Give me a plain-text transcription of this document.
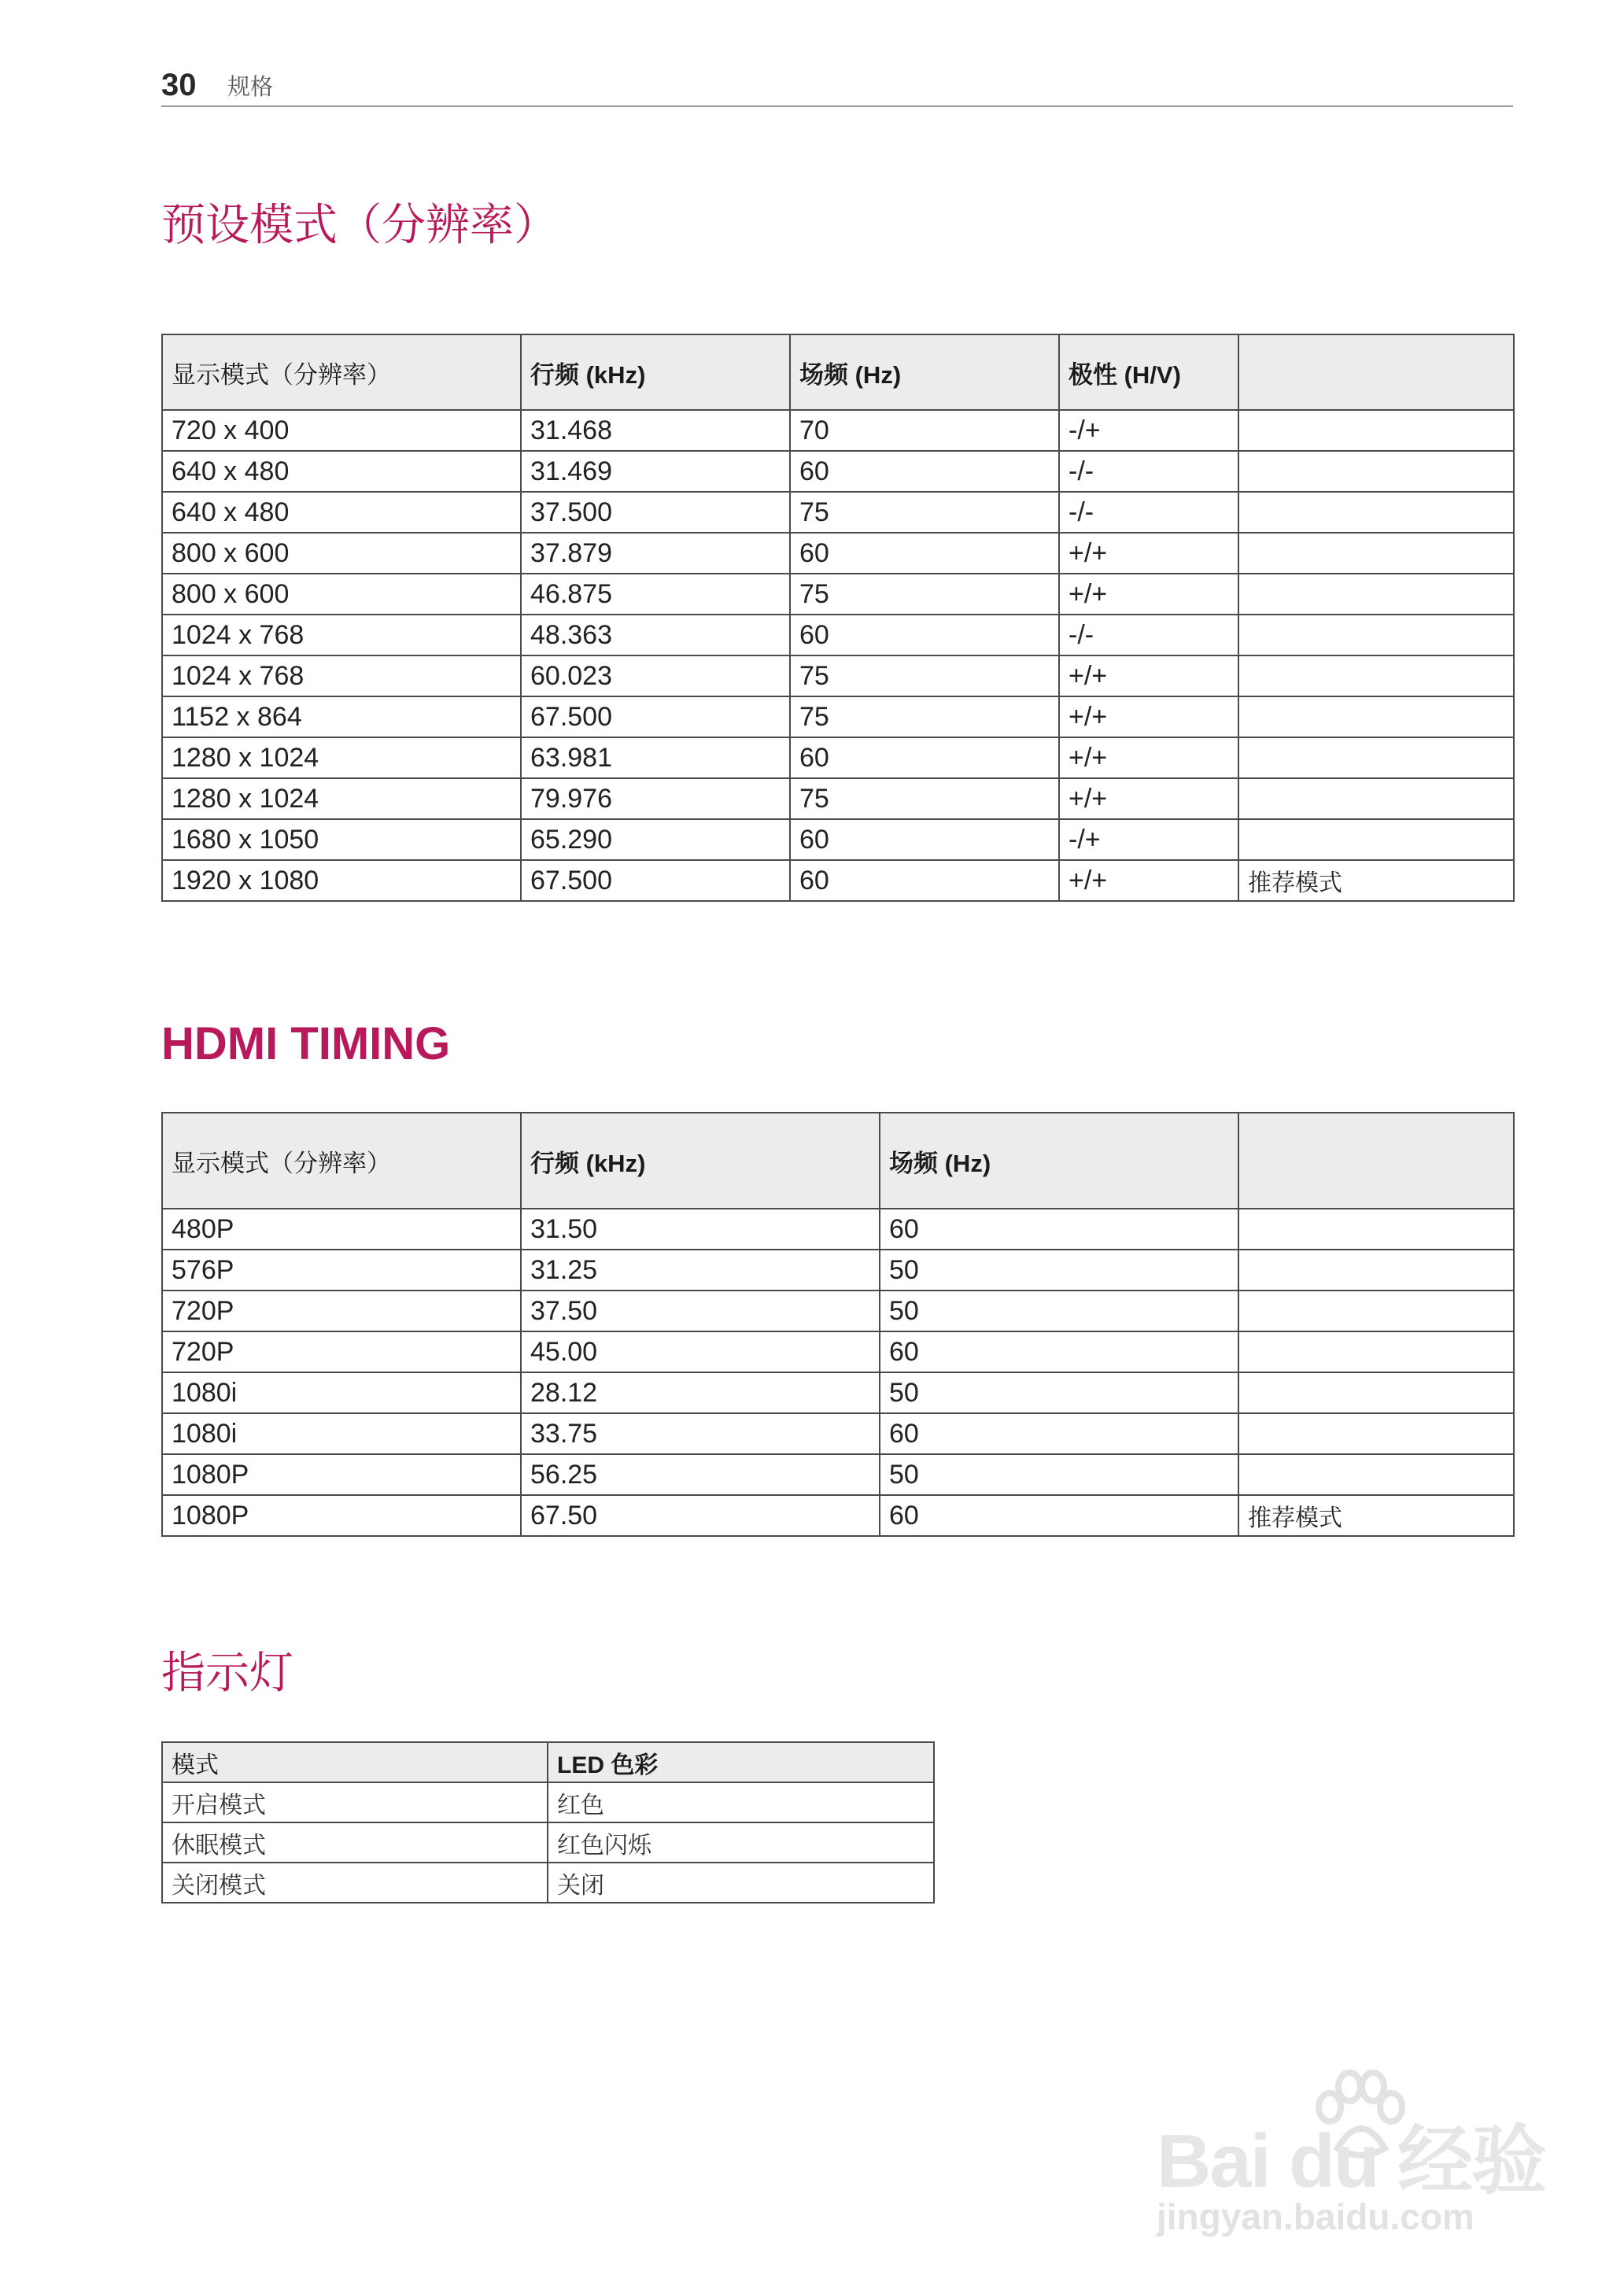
30 规格
预设模式（分辨率）
显示模式（分辨率）	行频 (kHz)	场频 (Hz)	极性 (H/V)	
720 x 400	31.468	70	-/+	
640 x 480	31.469	60	-/-	
640 x 480	37.500	75	-/-	
800 x 600	37.879	60	+/+	
800 x 600	46.875	75	+/+	
1024 x 768	48.363	60	-/-	
1024 x 768	60.023	75	+/+	
1152 x 864	67.500	75	+/+	
1280 x 1024	63.981	60	+/+	
1280 x 1024	79.976	75	+/+	
1680 x 1050	65.290	60	-/+	
1920 x 1080	67.500	60	+/+	推荐模式
HDMI TIMING
显示模式（分辨率）	行频 (kHz)	场频 (Hz)	
480P	31.50	60	
576P	31.25	50	
720P	37.50	50	
720P	45.00	60	
1080i	28.12	50	
1080i	33.75	60	
1080P	56.25	50	
1080P	67.50	60	推荐模式
指示灯
模式	LED 色彩
开启模式	红色
休眠模式	红色闪烁
关闭模式	关闭
Bai du 经验
jingyan.baidu.com
